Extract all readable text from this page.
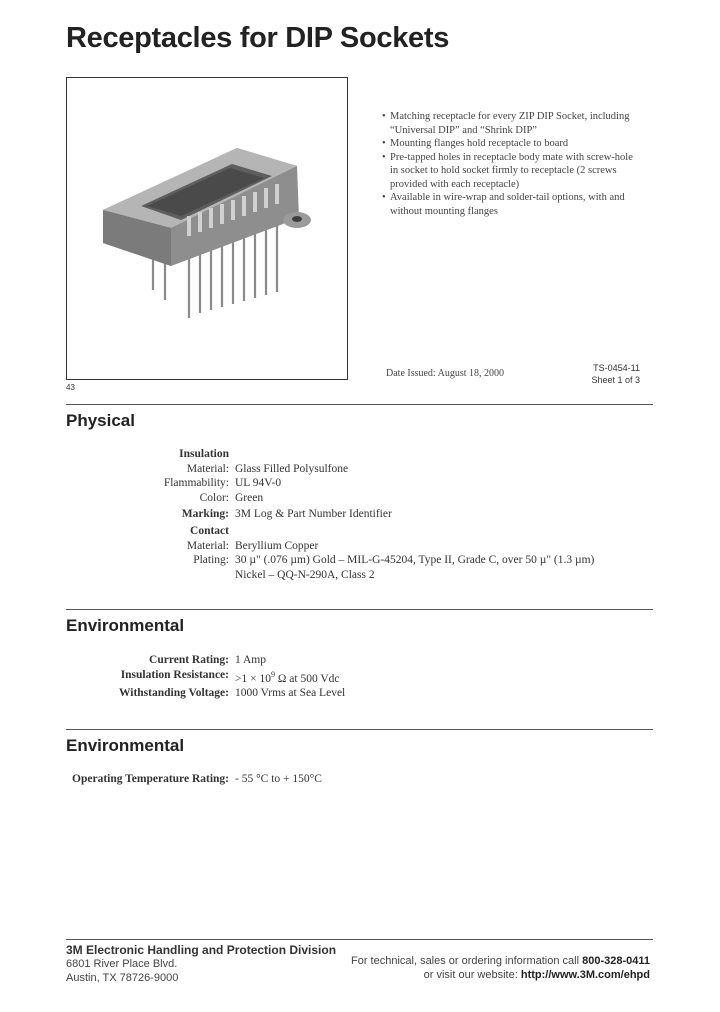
Receptacles for DIP Sockets
43
• Matching receptacle for every ZIP DIP Socket, including “Universal DIP” and “Shrink DIP”
• Mounting flanges hold receptacle to board
• Pre-tapped holes in receptacle body mate with screw-hole in socket to hold socket firmly to receptacle (2 screws provided with each receptacle)
• Available in wire-wrap and solder-tail options, with and without mounting flanges
Date Issued: August 18, 2000	TS-0454-11
Sheet 1 of 3
Physical
Insulation
Material: Glass Filled Polysulfone
Flammability: UL 94V-0
Color: Green
Marking: 3M Log & Part Number Identifier
Contact
Material: Beryllium Copper
Plating: 30 µ" (.076 µm) Gold – MIL-G-45204, Type II, Grade C, over 50 µ" (1.3 µm)
Nickel – QQ-N-290A, Class 2
Environmental
Current Rating: 1 Amp
Insulation Resistance: $>1 \times 10^9$ Ω at 500 Vdc
Withstanding Voltage: 1000 Vrms at Sea Level
Environmental
Operating Temperature Rating: - 55 °C to + 150°C
3M Electronic Handling and Protection Division
6801 River Place Blvd.
Austin, TX 78726-9000
For technical, sales or ordering information call 800-328-0411
or visit our website: http://www.3M.com/ehpd
